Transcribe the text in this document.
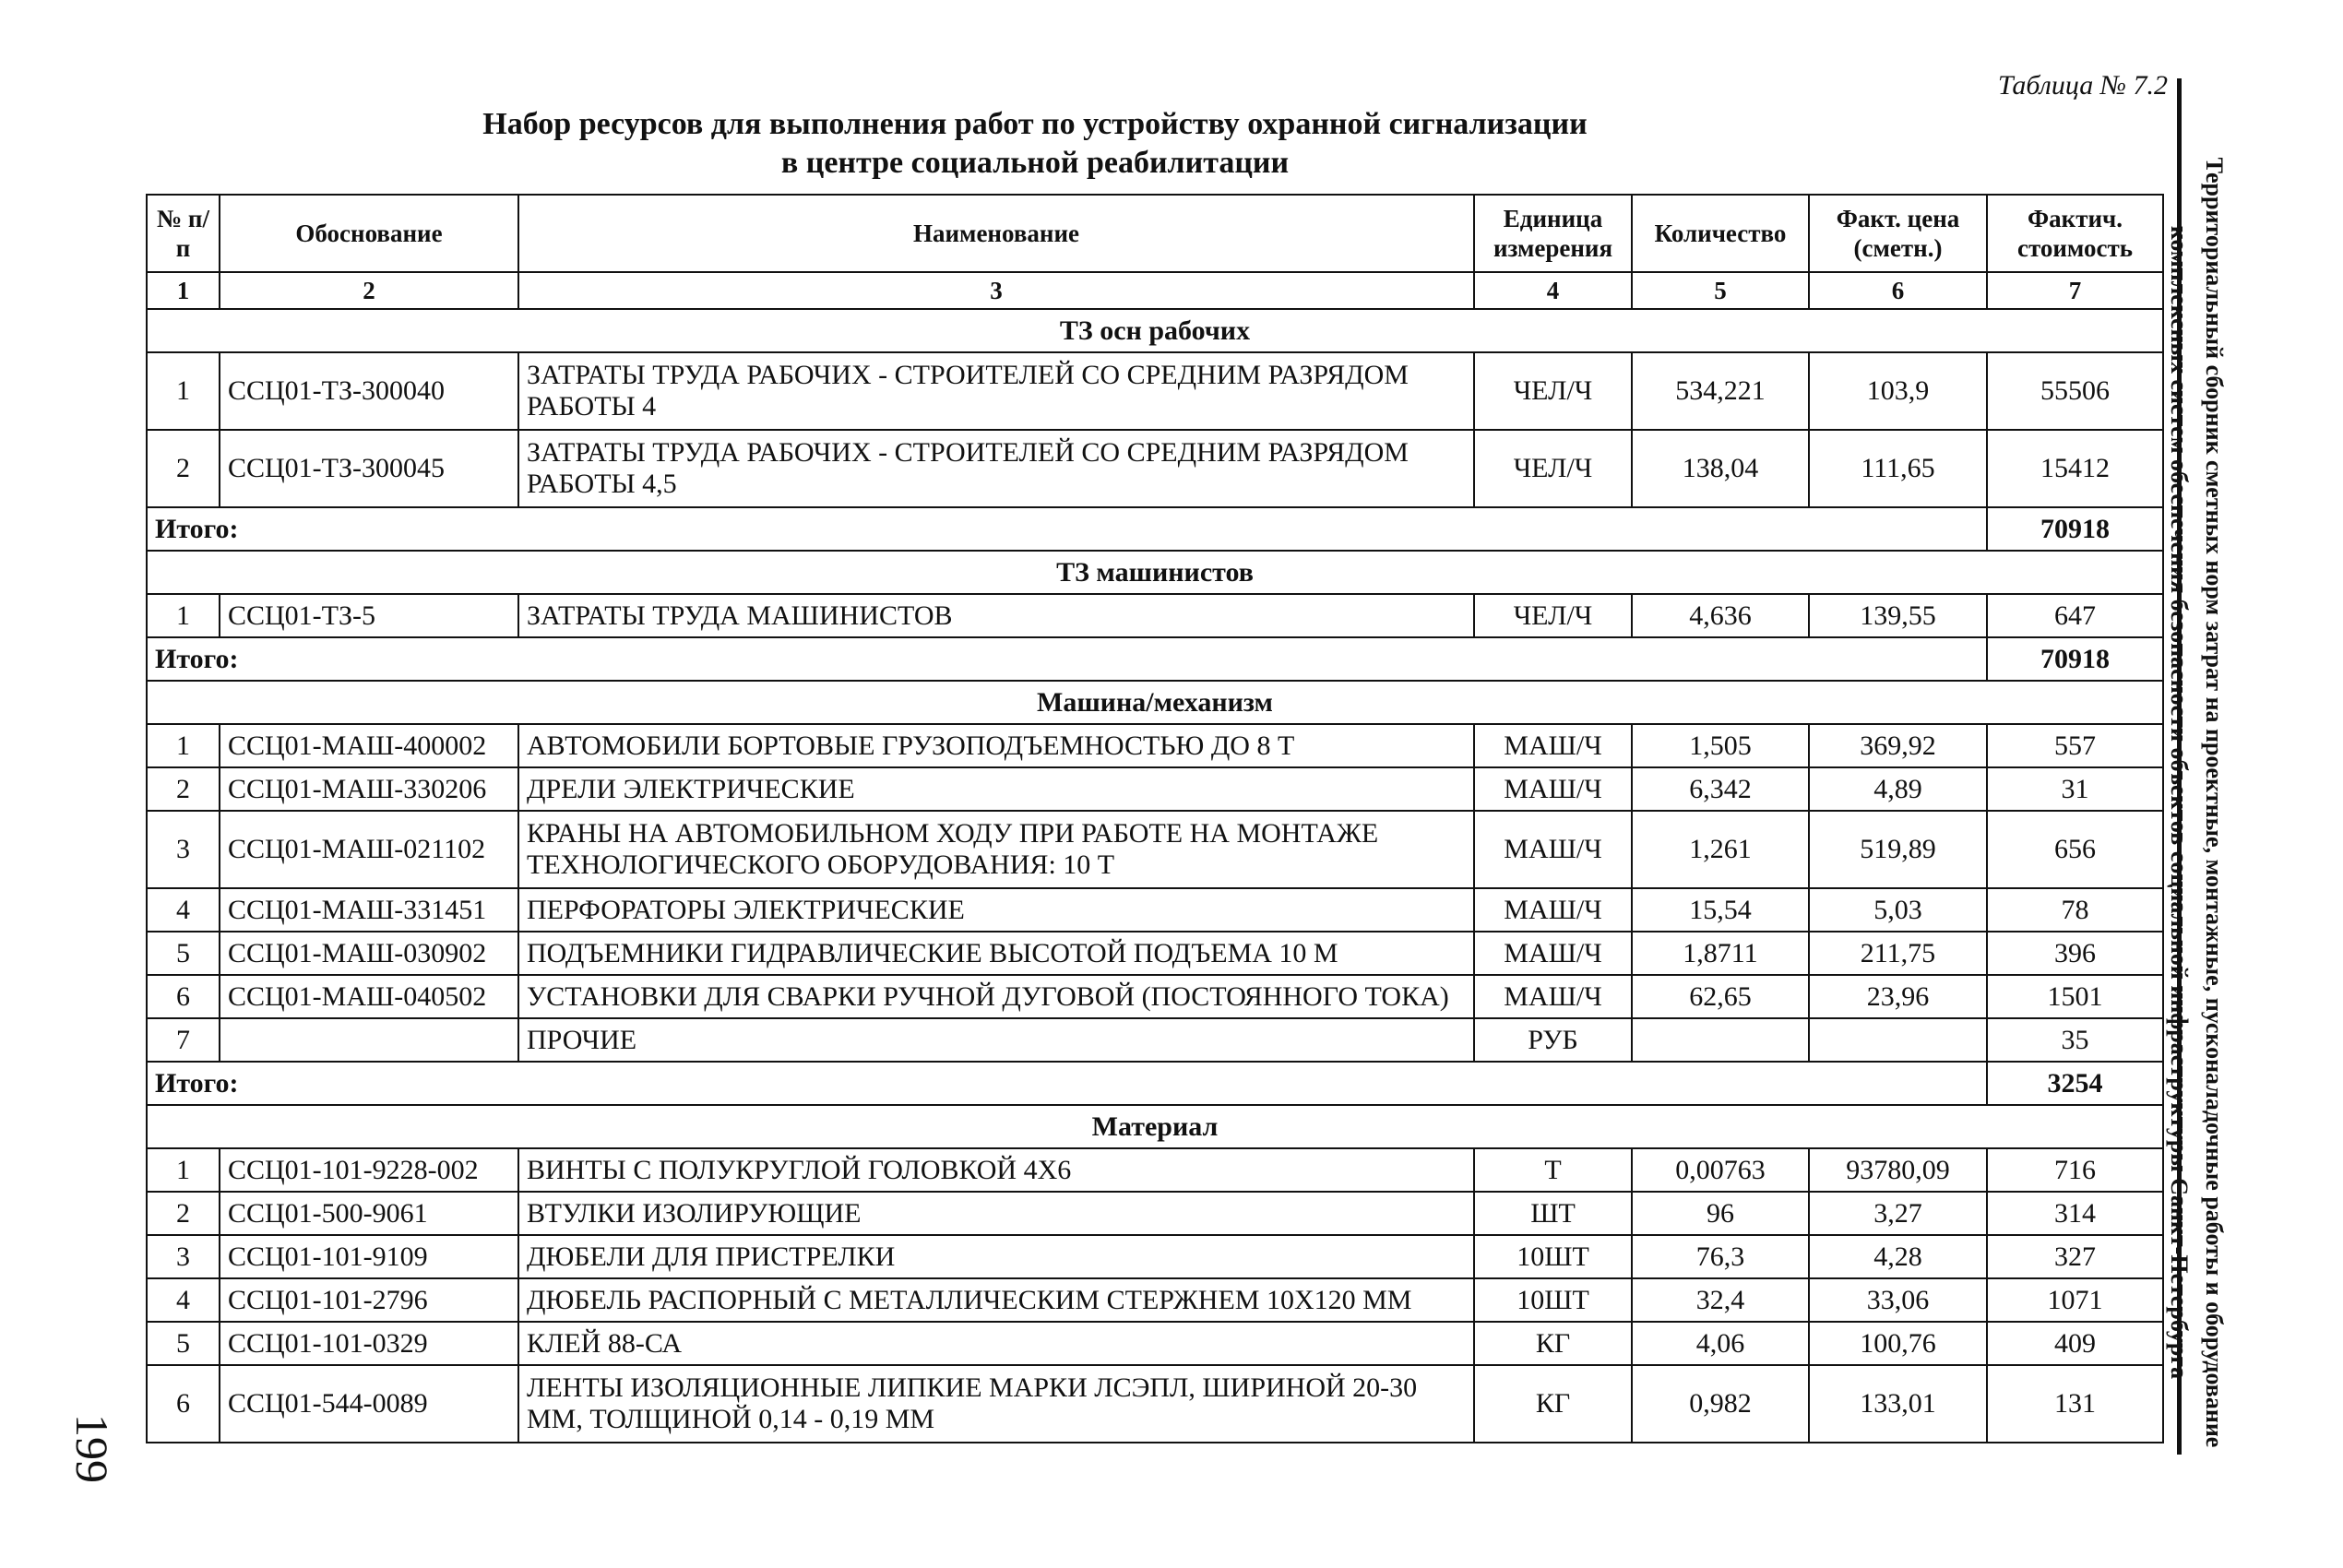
Таблица № 7.2
Набор ресурсов для выполнения работ по устройству охранной сигнализации
в центре социальной реабилитации	Территориальный сборник сметных норм затрат на проектные, монтажные, пусконаладочные работы и оборудование
комплексных систем обеспечения безопасности объектов социальной инфраструктуры Санкт-Петербурга
199
№ п/п	Обоснование	Наименование	Единица измерения	Количество	Факт. цена (сметн.)	Фактич. стоимость
1	2	3	4	5	6	7
ТЗ осн рабочих						
1	ССЦ01-ТЗ-300040	ЗАТРАТЫ ТРУДА РАБОЧИХ - СТРОИТЕЛЕЙ СО СРЕДНИМ РАЗРЯДОМ РАБОТЫ 4	ЧЕЛ/Ч	534,221	103,9	55506
2	ССЦ01-ТЗ-300045	ЗАТРАТЫ ТРУДА РАБОЧИХ - СТРОИТЕЛЕЙ СО СРЕДНИМ РАЗРЯДОМ РАБОТЫ 4,5	ЧЕЛ/Ч	138,04	111,65	15412
Итого:						70918
ТЗ машинистов						
1	ССЦ01-ТЗ-5	ЗАТРАТЫ ТРУДА МАШИНИСТОВ	ЧЕЛ/Ч	4,636	139,55	647
Итого:						70918
Машина/механизм						
1	ССЦ01-МАШ-400002	АВТОМОБИЛИ БОРТОВЫЕ ГРУЗОПОДЪЕМНОСТЬЮ ДО 8 Т	МАШ/Ч	1,505	369,92	557
2	ССЦ01-МАШ-330206	ДРЕЛИ ЭЛЕКТРИЧЕСКИЕ	МАШ/Ч	6,342	4,89	31
3	ССЦ01-МАШ-021102	КРАНЫ НА АВТОМОБИЛЬНОМ ХОДУ ПРИ РАБОТЕ НА МОНТАЖЕ ТЕХНОЛОГИЧЕСКОГО ОБОРУДОВАНИЯ: 10 Т	МАШ/Ч	1,261	519,89	656
4	ССЦ01-МАШ-331451	ПЕРФОРАТОРЫ ЭЛЕКТРИЧЕСКИЕ	МАШ/Ч	15,54	5,03	78
5	ССЦ01-МАШ-030902	ПОДЪЕМНИКИ ГИДРАВЛИЧЕСКИЕ ВЫСОТОЙ ПОДЪЕМА 10 М	МАШ/Ч	1,8711	211,75	396
6	ССЦ01-МАШ-040502	УСТАНОВКИ ДЛЯ СВАРКИ РУЧНОЙ ДУГОВОЙ (ПОСТОЯННОГО ТОКА)	МАШ/Ч	62,65	23,96	1501
7		ПРОЧИЕ	РУБ			35
Итого:						3254
Материал						
1	ССЦ01-101-9228-002	ВИНТЫ С ПОЛУКРУГЛОЙ ГОЛОВКОЙ 4Х6	Т	0,00763	93780,09	716
2	ССЦ01-500-9061	ВТУЛКИ ИЗОЛИРУЮЩИЕ	ШТ	96	3,27	314
3	ССЦ01-101-9109	ДЮБЕЛИ ДЛЯ ПРИСТРЕЛКИ	10ШТ	76,3	4,28	327
4	ССЦ01-101-2796	ДЮБЕЛЬ РАСПОРНЫЙ С МЕТАЛЛИЧЕСКИМ СТЕРЖНЕМ 10Х120 ММ	10ШТ	32,4	33,06	1071
5	ССЦ01-101-0329	КЛЕЙ 88-СА	КГ	4,06	100,76	409
6	ССЦ01-544-0089	ЛЕНТЫ ИЗОЛЯЦИОННЫЕ ЛИПКИЕ МАРКИ ЛСЭПЛ, ШИРИНОЙ 20-30 ММ, ТОЛЩИНОЙ 0,14 - 0,19 ММ	КГ	0,982	133,01	131
